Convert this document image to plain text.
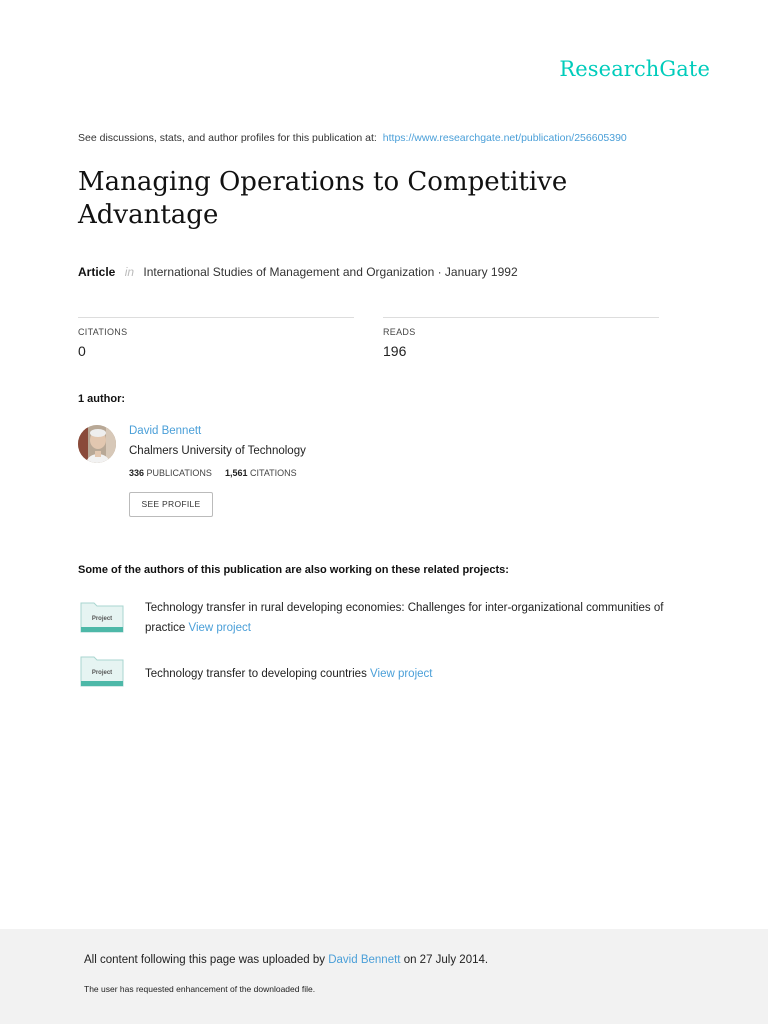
ResearchGate
See discussions, stats, and author profiles for this publication at: https://www.researchgate.net/publication/256605390
Managing Operations to Competitive Advantage
Article in International Studies of Management and Organization · January 1992
CITATIONS
0
READS
196
1 author:
David Bennett
Chalmers University of Technology
336 PUBLICATIONS 1,561 CITATIONS
SEE PROFILE
Some of the authors of this publication are also working on these related projects:
Project
Technology transfer in rural developing economies: Challenges for inter-organizational communities of practice View project
Project	Technology transfer to developing countries View project
All content following this page was uploaded by David Bennett on 27 July 2014.
The user has requested enhancement of the downloaded file.
